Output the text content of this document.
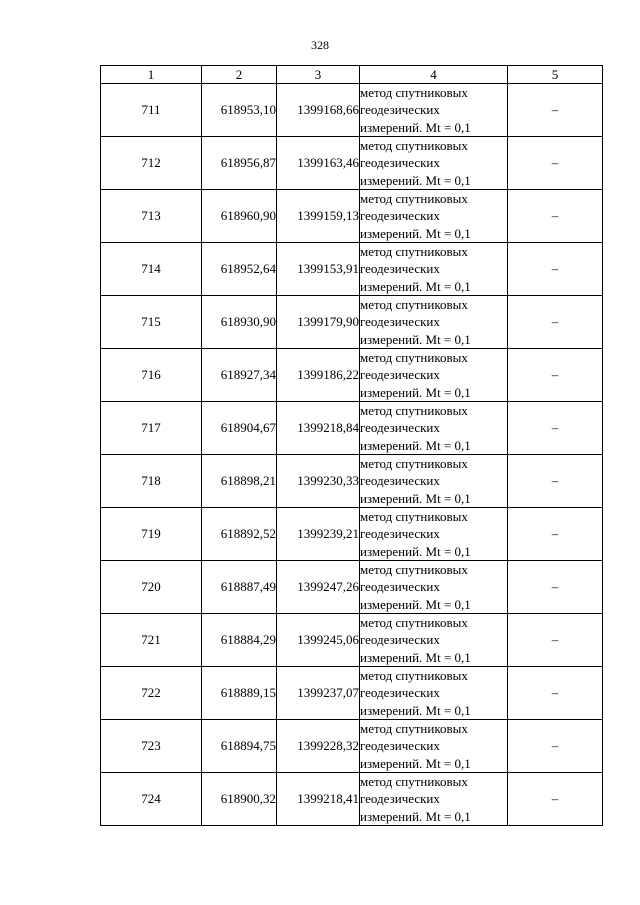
328
1	2	3	4	5
711	618953,10	1399168,66	метод спутниковых
геодезических
измерений. Mt = 0,1	–
712	618956,87	1399163,46	метод спутниковых
геодезических
измерений. Mt = 0,1	–
713	618960,90	1399159,13	метод спутниковых
геодезических
измерений. Mt = 0,1	–
714	618952,64	1399153,91	метод спутниковых
геодезических
измерений. Mt = 0,1	–
715	618930,90	1399179,90	метод спутниковых
геодезических
измерений. Mt = 0,1	–
716	618927,34	1399186,22	метод спутниковых
геодезических
измерений. Mt = 0,1	–
717	618904,67	1399218,84	метод спутниковых
геодезических
измерений. Mt = 0,1	–
718	618898,21	1399230,33	метод спутниковых
геодезических
измерений. Mt = 0,1	–
719	618892,52	1399239,21	метод спутниковых
геодезических
измерений. Mt = 0,1	–
720	618887,49	1399247,26	метод спутниковых
геодезических
измерений. Mt = 0,1	–
721	618884,29	1399245,06	метод спутниковых
геодезических
измерений. Mt = 0,1	–
722	618889,15	1399237,07	метод спутниковых
геодезических
измерений. Mt = 0,1	–
723	618894,75	1399228,32	метод спутниковых
геодезических
измерений. Mt = 0,1	–
724	618900,32	1399218,41	метод спутниковых
геодезических
измерений. Mt = 0,1	–
